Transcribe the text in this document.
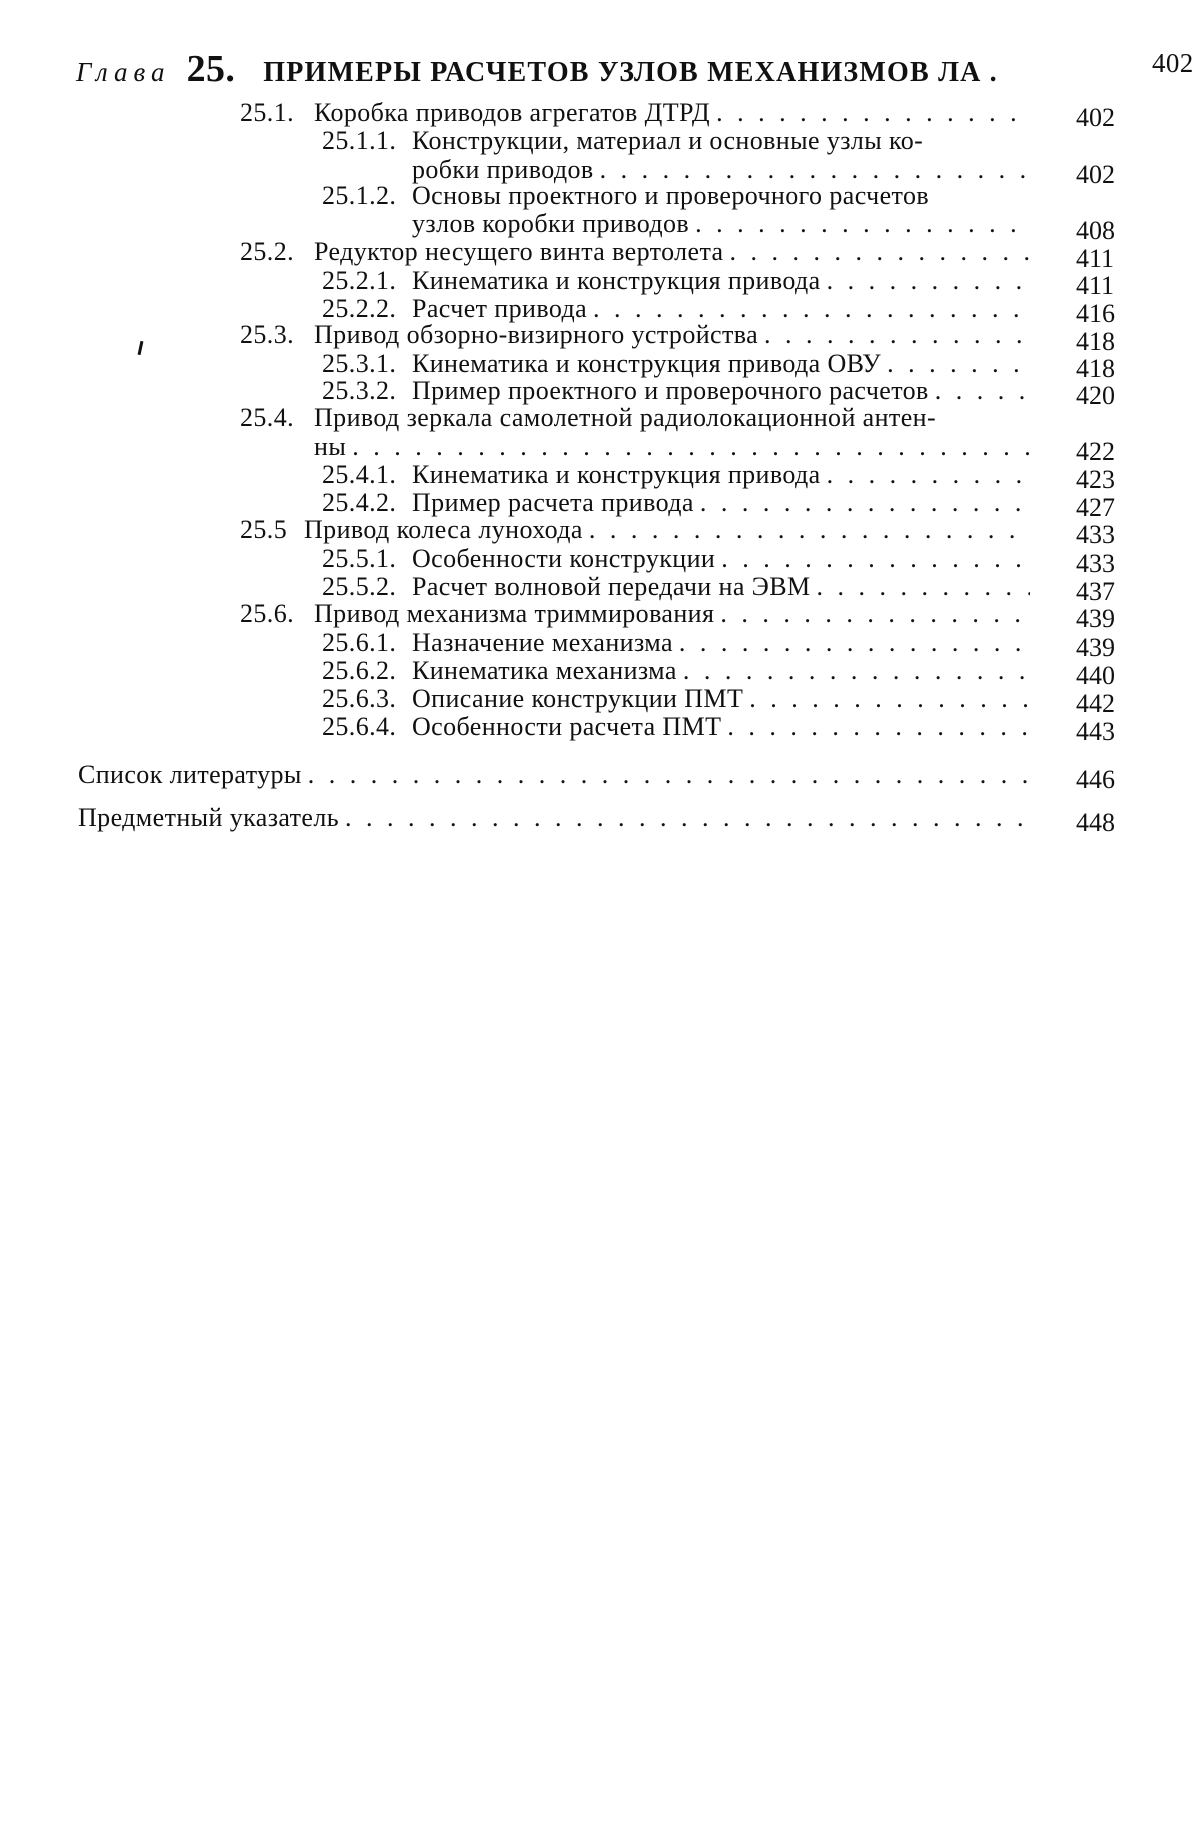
Глава 25. ПРИМЕРЫ РАСЧЕТОВ УЗЛОВ МЕХАНИЗМОВ ЛА .	402
25.1. Коробка приводов агрегатов ДТРД . . .	402
25.1.1. Конструкции, материал и основные узлы ко-
робки приводов . . .	402
25.1.2. Основы проектного и проверочного расчетов
узлов коробки приводов . . .	408
25.2. Редуктор несущего винта вертолета . . .	411
25.2.1. Кинематика и конструкция привода . . .	411
25.2.2. Расчет привода . . .	416
25.3. Привод обзорно-визирного устройства . . .	418
25.3.1. Кинематика и конструкция привода ОВУ . . .	418
25.3.2. Пример проектного и проверочного расчетов . . .	420
25.4. Привод зеркала самолетной радиолокационной антен-
ны . . .	422
25.4.1. Кинематика и конструкция привода . . .	423
25.4.2. Пример расчета привода . . .	427
25.5 Привод колеса лунохода . . .	433
25.5.1. Особенности конструкции . . .	433
25.5.2. Расчет волновой передачи на ЭВМ . . .	437
25.6. Привод механизма триммирования . . .	439
25.6.1. Назначение механизма . . .	439
25.6.2. Кинематика механизма . . .	440
25.6.3. Описание конструкции ПМТ . . .	442
25.6.4. Особенности расчета ПМТ . . .	443
Список литературы . . .	446
Предметный указатель . . .	448
